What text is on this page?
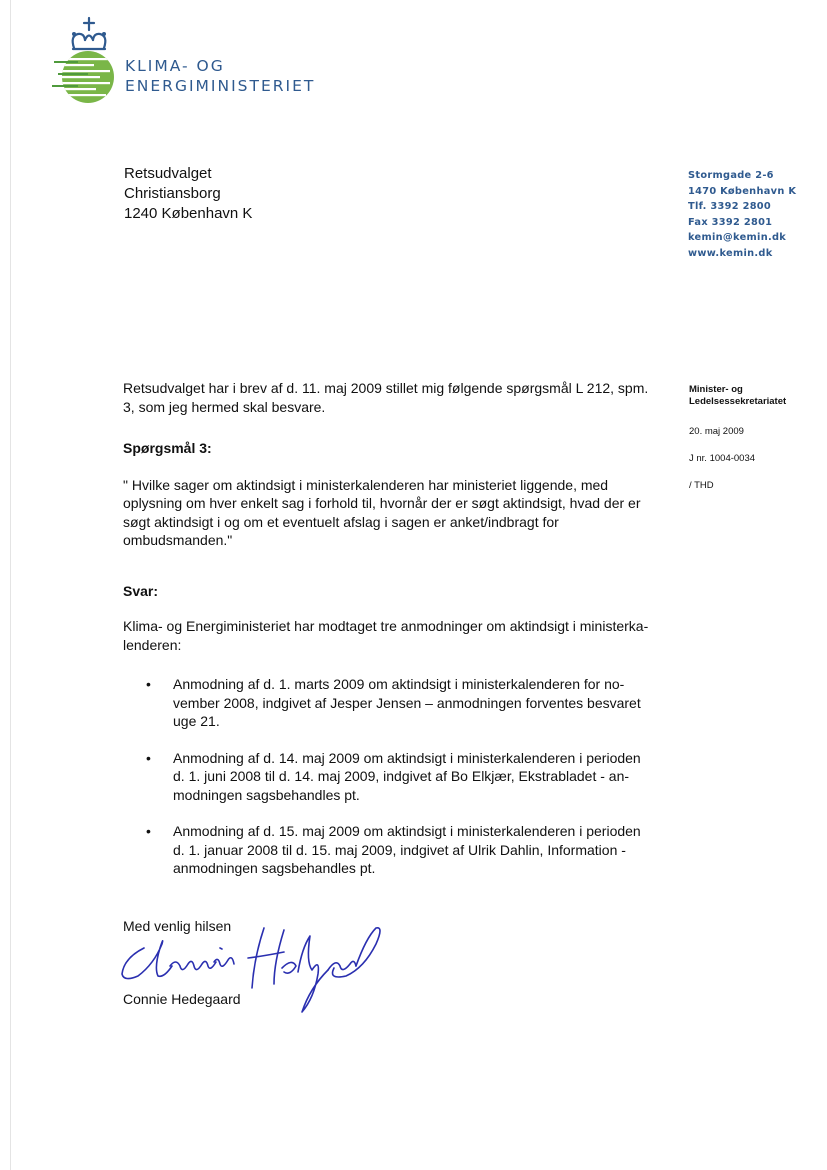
KLIMA- OG
ENERGIMINISTERIET
Retsudvalget
Christiansborg
1240 København K
Stormgade 2-6
1470 København K
Tlf. 3392 2800
Fax 3392 2801
kemin@kemin.dk
www.kemin.dk
Minister- og
Ledelsessekretariatet
20. maj 2009
J nr. 1004-0034
/ THD

Retsudvalget har i brev af d. 11. maj 2009 stillet mig følgende spørgsmål L 212, spm. 3, som jeg hermed skal besvare.

Spørgsmål 3:

" Hvilke sager om aktindsigt i ministerkalenderen har ministeriet liggende, med oplysning om hver enkelt sag i forhold til, hvornår der er søgt aktindsigt, hvad der er søgt aktindsigt i og om et eventuelt afslag i sagen er anket/indbragt for ombudsmanden."

Svar:

Klima- og Energiministeriet har modtaget tre anmodninger om aktindsigt i ministerka-lenderen:

• Anmodning af d. 1. marts 2009 om aktindsigt i ministerkalenderen for no-vember 2008, indgivet af Jesper Jensen – anmodningen forventes besvaret uge 21.
• Anmodning af d. 14. maj 2009 om aktindsigt i ministerkalenderen i perioden d. 1. juni 2008 til d. 14. maj 2009, indgivet af Bo Elkjær, Ekstrabladet - an-modningen sagsbehandles pt.
• Anmodning af d. 15. maj 2009 om aktindsigt i ministerkalenderen i perioden d. 1. januar 2008 til d. 15. maj 2009, indgivet af Ulrik Dahlin, Information - anmodningen sagsbehandles pt.
Med venlig hilsen
Connie Hedegaard
